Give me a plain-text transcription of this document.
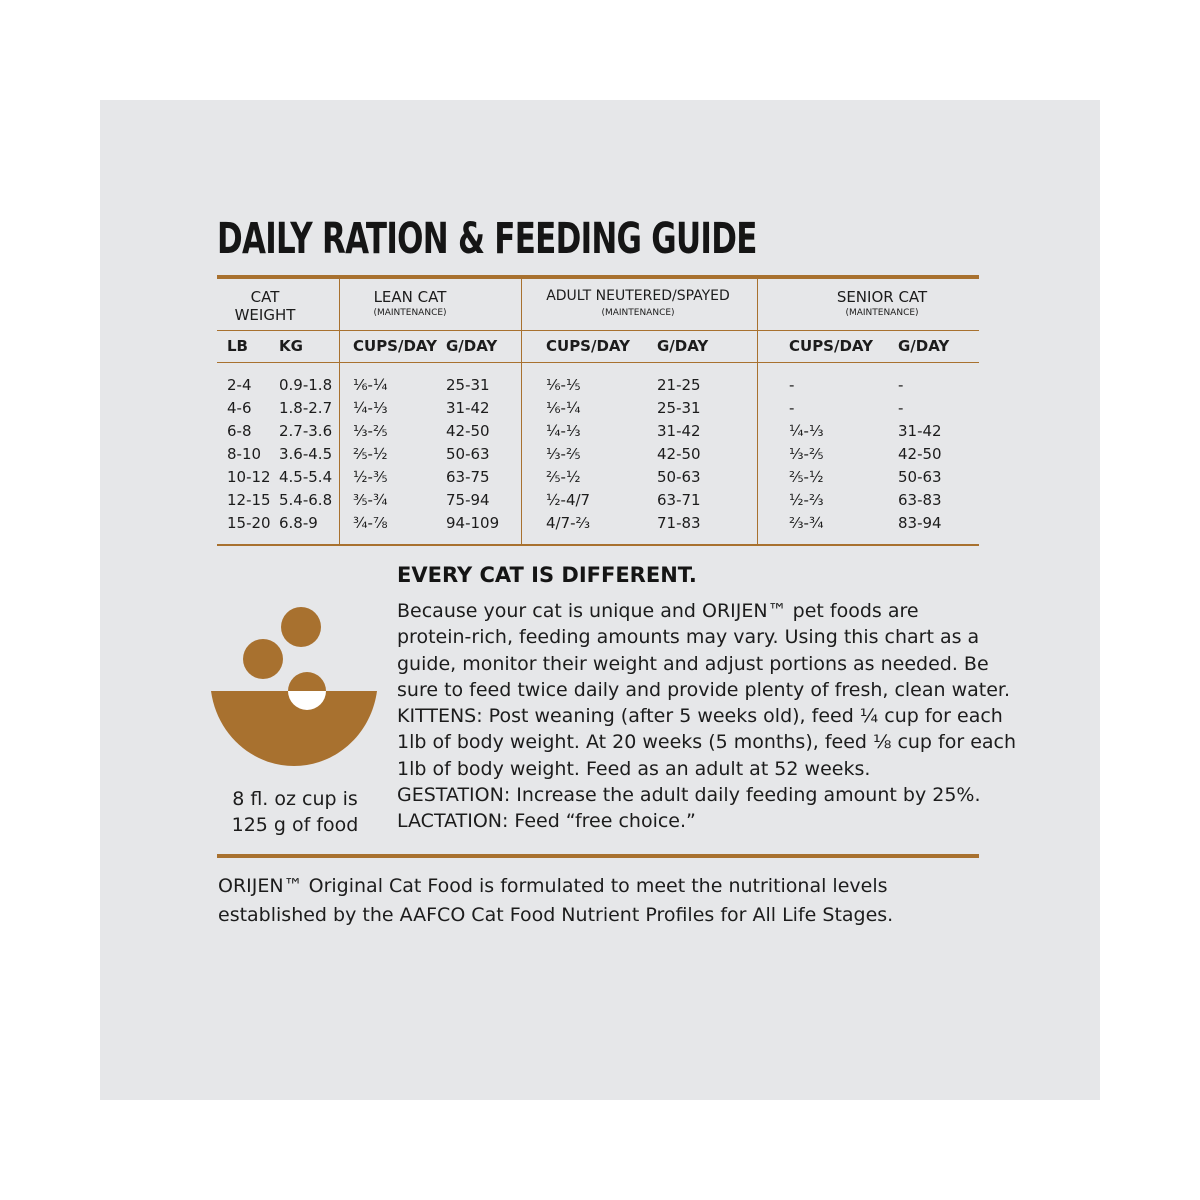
DAILY RATION & FEEDING GUIDE
CAT
WEIGHT
LEAN CAT
(MAINTENANCE)
ADULT NEUTERED/SPAYED
(MAINTENANCE)
SENIOR CAT
(MAINTENANCE)
LB KG	CUPS/DAY G/DAY	CUPS/DAY G/DAY	CUPS/DAY G/DAY
2-4 0.9-1.8 ⅙-¼	25-31	⅙-⅕	21-25	-	-
4-6 1.8-2.7 ¼-⅓	31-42	⅙-¼	25-31	-	-
6-8 2.7-3.6 ⅓-⅖	42-50	¼-⅓	31-42	¼-⅓	31-42
8-10 3.6-4.5 ⅖-½	50-63	⅓-⅖	42-50	⅓-⅖	42-50
10-12 4.5-5.4 ½-⅗	63-75	⅖-½	50-63	⅖-½	50-63
12-15 5.4-6.8 ⅗-¾	75-94	½-4/7	63-71	½-⅔	63-83
15-20 6.8-9 ¾-⅞	94-109	4/7-⅔	71-83	⅔-¾	83-94
8 fl. oz cup is
125 g of food
EVERY CAT IS DIFFERENT.
Because your cat is unique and ORIJEN™ pet foods are
protein-rich, feeding amounts may vary. Using this chart as a
guide, monitor their weight and adjust portions as needed. Be
sure to feed twice daily and provide plenty of fresh, clean water.
KITTENS: Post weaning (after 5 weeks old), feed ¼ cup for each
1lb of body weight. At 20 weeks (5 months), feed ⅛ cup for each
1lb of body weight. Feed as an adult at 52 weeks.
GESTATION: Increase the adult daily feeding amount by 25%.
LACTATION: Feed “free choice.”
ORIJEN™ Original Cat Food is formulated to meet the nutritional levels
established by the AAFCO Cat Food Nutrient Profiles for All Life Stages.
